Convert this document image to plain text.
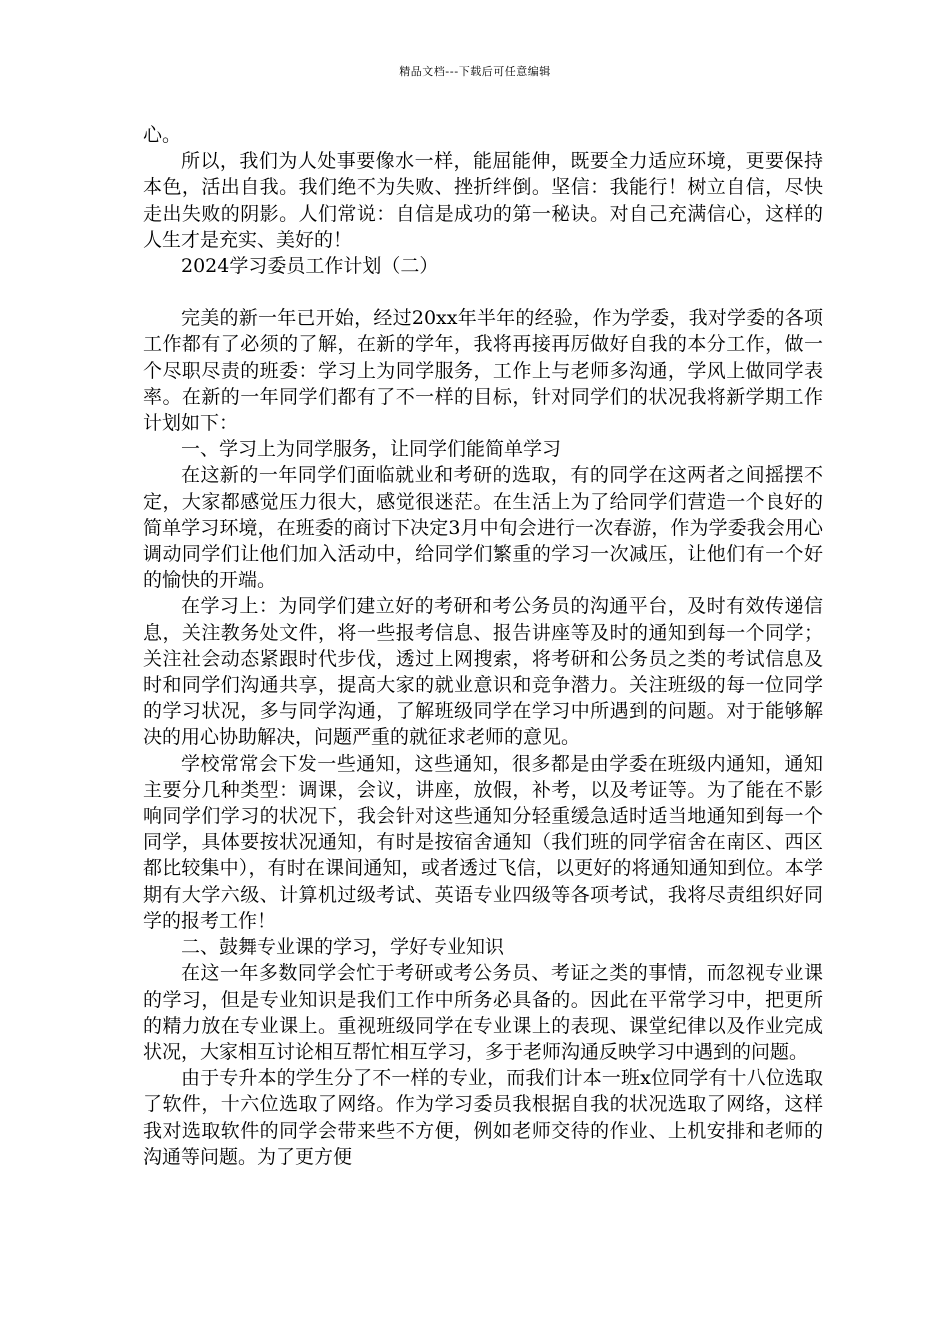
精品文档---下载后可任意编辑

心。

所以，我们为人处事要像水一样，能屈能伸，既要全力适应环境，更要保持本色，活出自我。我们绝不为失败、挫折绊倒。坚信：我能行！树立自信，尽快走出失败的阴影。人们常说：自信是成功的第一秘诀。对自己充满信心，这样的人生才是充实、美好的！

2024学习委员工作计划（二）

完美的新一年已开始，经过20xx年半年的经验，作为学委，我对学委的各项工作都有了必须的了解，在新的学年，我将再接再厉做好自我的本分工作，做一个尽职尽责的班委：学习上为同学服务，工作上与老师多沟通，学风上做同学表率。在新的一年同学们都有了不一样的目标，针对同学们的状况我将新学期工作计划如下：

一、学习上为同学服务，让同学们能简单学习

在这新的一年同学们面临就业和考研的选取，有的同学在这两者之间摇摆不定，大家都感觉压力很大，感觉很迷茫。在生活上为了给同学们营造一个良好的简单学习环境，在班委的商讨下决定3月中旬会进行一次春游，作为学委我会用心调动同学们让他们加入活动中，给同学们繁重的学习一次减压，让他们有一个好的愉快的开端。

在学习上：为同学们建立好的考研和考公务员的沟通平台，及时有效传递信息，关注教务处文件，将一些报考信息、报告讲座等及时的通知到每一个同学；关注社会动态紧跟时代步伐，透过上网搜索，将考研和公务员之类的考试信息及时和同学们沟通共享，提高大家的就业意识和竞争潜力。关注班级的每一位同学的学习状况，多与同学沟通，了解班级同学在学习中所遇到的问题。对于能够解决的用心协助解决，问题严重的就征求老师的意见。

学校常常会下发一些通知，这些通知，很多都是由学委在班级内通知，通知主要分几种类型：调课，会议，讲座，放假，补考，以及考证等。为了能在不影响同学们学习的状况下，我会针对这些通知分轻重缓急适时适当地通知到每一个同学，具体要按状况通知，有时是按宿舍通知（我们班的同学宿舍在南区、西区都比较集中），有时在课间通知，或者透过飞信，以更好的将通知通知到位。本学期有大学六级、计算机过级考试、英语专业四级等各项考试，我将尽责组织好同学的报考工作！

二、鼓舞专业课的学习，学好专业知识

在这一年多数同学会忙于考研或考公务员、考证之类的事情，而忽视专业课的学习，但是专业知识是我们工作中所务必具备的。因此在平常学习中，把更所的精力放在专业课上。重视班级同学在专业课上的表现、课堂纪律以及作业完成状况，大家相互讨论相互帮忙相互学习，多于老师沟通反映学习中遇到的问题。

由于专升本的学生分了不一样的专业，而我们计本一班x位同学有十八位选取了软件，十六位选取了网络。作为学习委员我根据自我的状况选取了网络，这样我对选取软件的同学会带来些不方便，例如老师交待的作业、上机安排和老师的沟通等问题。为了更方便
